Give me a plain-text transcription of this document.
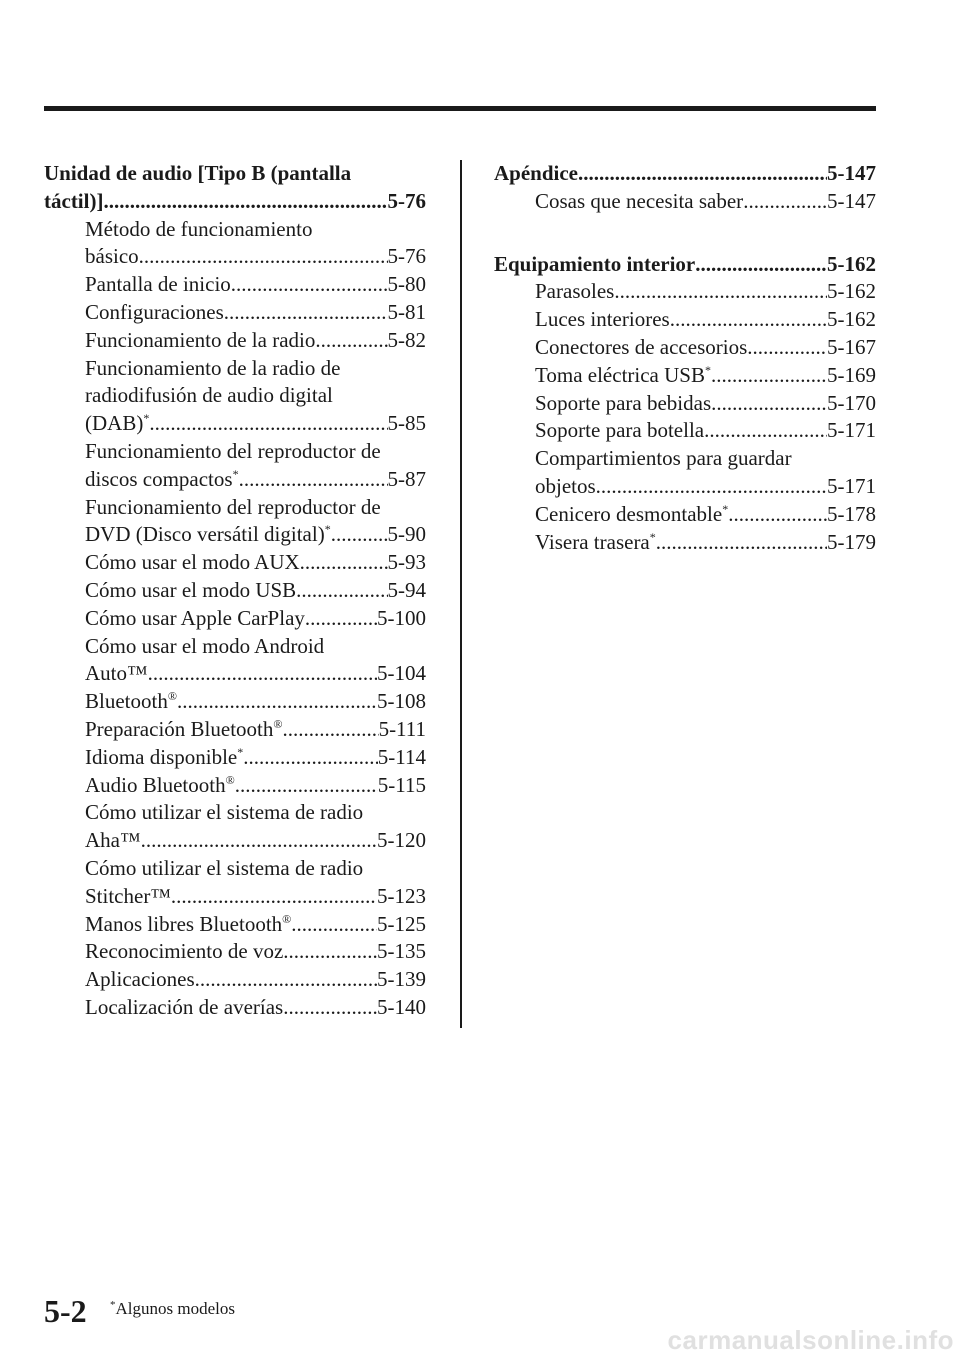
Unidad de audio [Tipo B (pantalla
táctil)] .....	5-76
Método de funcionamiento
básico .....	5-76
Pantalla de inicio .....	5-80
Configuraciones .....	5-81
Funcionamiento de la radio .....	5-82
Funcionamiento de la radio de
radiodifusión de audio digital
(DAB)* .....	5-85
Funcionamiento del reproductor de
discos compactos* .....	5-87
Funcionamiento del reproductor de
DVD (Disco versátil digital)* .....	5-90
Cómo usar el modo AUX .....	5-93
Cómo usar el modo USB .....	5-94
Cómo usar Apple CarPlay .....	5-100
Cómo usar el modo Android
Auto™ .....	5-104
Bluetooth® .....	5-108
Preparación Bluetooth® .....	5-111
Idioma disponible* .....	5-114
Audio Bluetooth® .....	5-115
Cómo utilizar el sistema de radio
Aha™ .....	5-120
Cómo utilizar el sistema de radio
Stitcher™ .....	5-123
Manos libres Bluetooth® .....	5-125
Reconocimiento de voz .....	5-135
Aplicaciones .....	5-139
Localización de averías .....	5-140
Apéndice .....	5-147
Cosas que necesita saber .....	5-147
Equipamiento interior .....	5-162
Parasoles .....	5-162
Luces interiores .....	5-162
Conectores de accesorios .....	5-167
Toma eléctrica USB* .....	5-169
Soporte para bebidas .....	5-170
Soporte para botella .....	5-171
Compartimientos para guardar
objetos .....	5-171
Cenicero desmontable* .....	5-178
Visera trasera* .....	5-179
5-2 *Algunos modelos
carmanualsonline.info
